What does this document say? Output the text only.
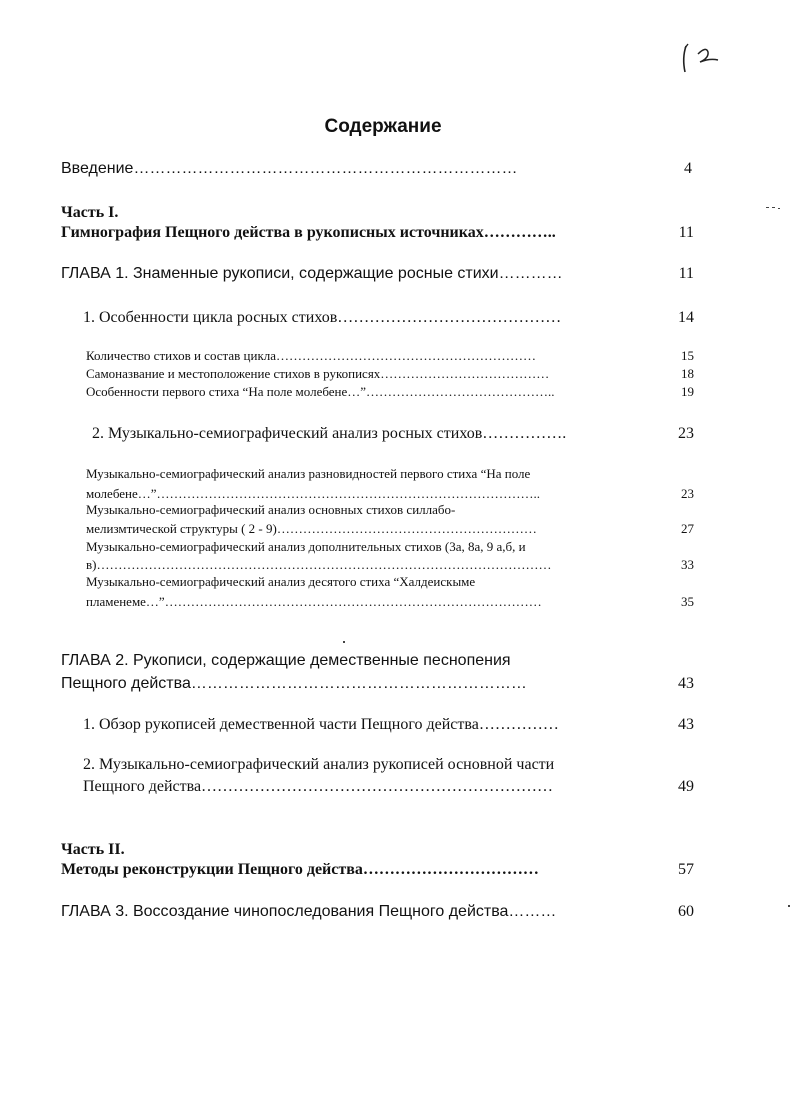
Содержание
Введение………………………………………………………………	4
Часть I.
Гимнография Пещного действа в рукописных источниках…………..	11
ГЛАВА 1. Знаменные рукописи, содержащие росные стихи…………	11
1. Особенности цикла росных стихов……………………………………	14
Количество стихов и состав цикла……………………………………………………	15
Самоназвание и местоположение стихов в рукописях…………………………………	18
Особенности первого стиха “На поле молебене…”……………………………………..	19
2. Музыкально-семиографический анализ росных стихов…………….	23
Музыкально-семиографический анализ разновидностей первого стиха “На поле
молебене…”……………………………………………………………………………..	23
Музыкально-семиографический анализ основных стихов силлабо-
мелизмтической структуры ( 2 - 9)……………………………………………………	27
Музыкально-семиографический анализ дополнительных стихов (3а, 8а, 9 а,б, и
в)……………………………………………………………………………………………	33
Музыкально-семиографический анализ десятого стиха “Халдеискыме
пламенеме…”……………………………………………………………………………	35
ГЛАВА 2. Рукописи, содержащие демественные песнопения
Пещного действа………………………………………………………	43
1. Обзор рукописей демественной части Пещного действа……………	43
2. Музыкально-семиографический анализ рукописей основной части
Пещного действа…………………………………………………………	49
Часть II.
Методы реконструкции Пещного действа……………………………	57
ГЛАВА 3. Воссоздание чинопоследования Пещного действа………	60
